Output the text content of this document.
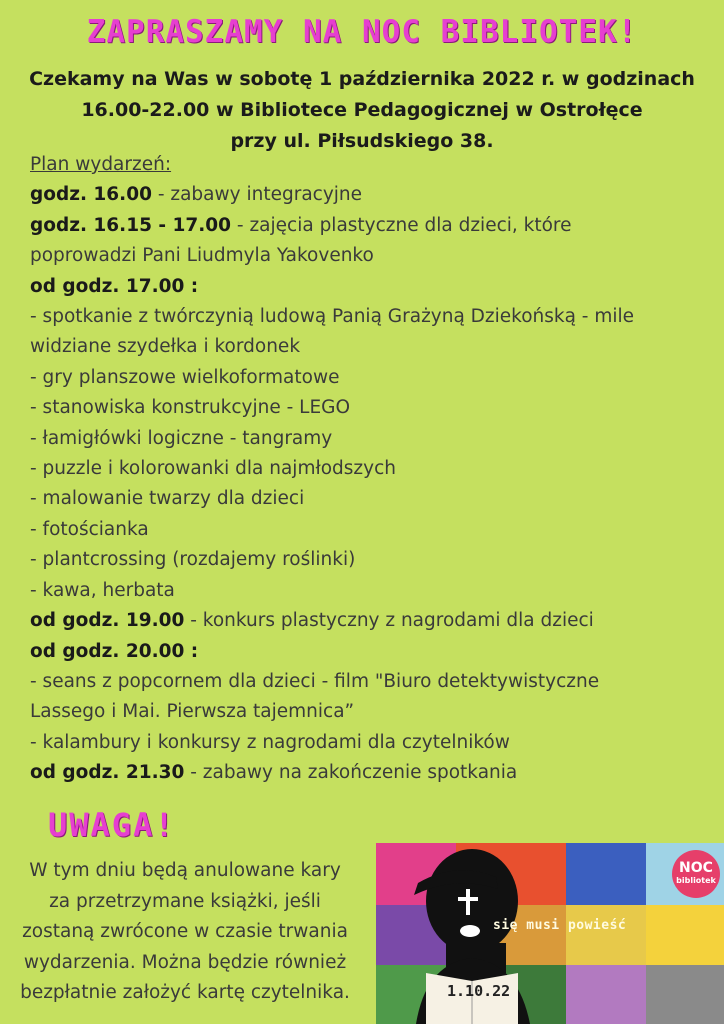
ZAPRASZAMY NA NOC BIBLIOTEK!
Czekamy na Was w sobotę 1 października 2022 r. w godzinach
16.00-22.00 w Bibliotece Pedagogicznej w Ostrołęce
przy ul. Piłsudskiego 38.
Plan wydarzeń:
godz. 16.00 - zabawy integracyjne
godz. 16.15 - 17.00 - zajęcia plastyczne dla dzieci, które
poprowadzi Pani Liudmyla Yakovenko
od godz. 17.00 :
- spotkanie z twórczynią ludową Panią Grażyną Dziekońską - mile
widziane szydełka i kordonek
- gry planszowe wielkoformatowe
- stanowiska konstrukcyjne - LEGO
- łamigłówki logiczne - tangramy
- puzzle i kolorowanki dla najmłodszych
- malowanie twarzy dla dzieci
- fotościanka
- plantcrossing (rozdajemy roślinki)
- kawa, herbata
od godz. 19.00 - konkurs plastyczny z nagrodami dla dzieci
od godz. 20.00 :
- seans z popcornem dla dzieci - film "Biuro detektywistyczne
Lassego i Mai. Pierwsza tajemnica”
- kalambury i konkursy z nagrodami dla czytelników
od godz. 21.30 - zabawy na zakończenie spotkania
UWAGA!
W tym dniu będą anulowane kary
za przetrzymane książki, jeśli
zostaną zwrócone w czasie trwania
wydarzenia. Można będzie również
bezpłatnie założyć kartę czytelnika.
się musi powieść
1.10.22
NOC
bibliotek
